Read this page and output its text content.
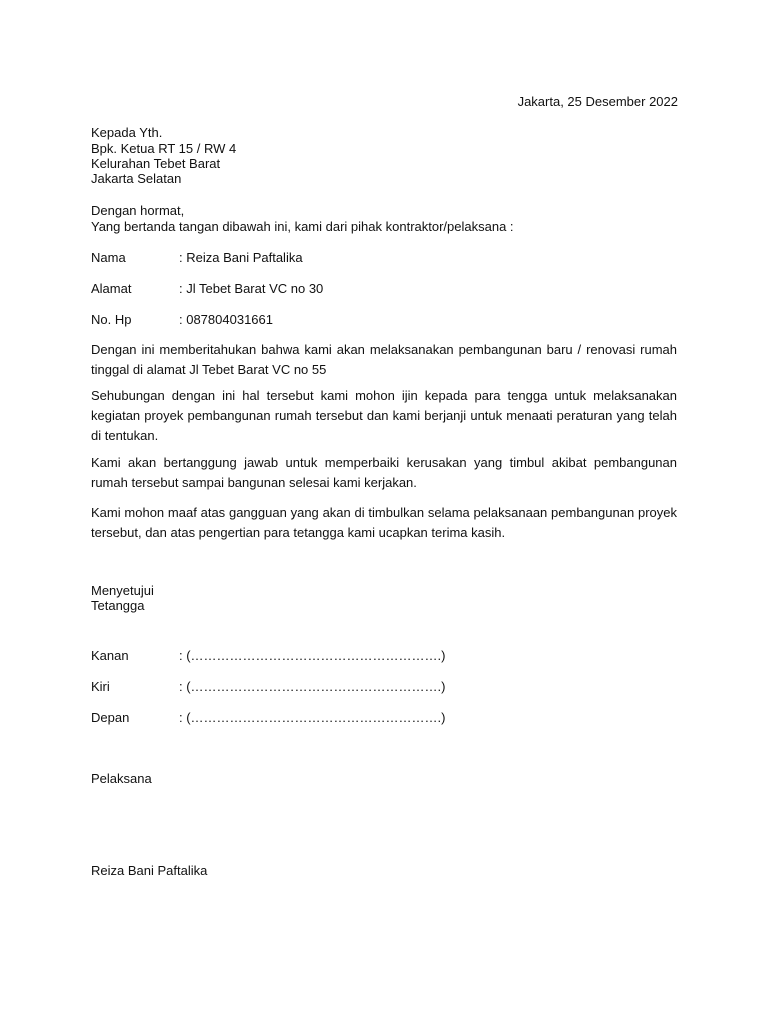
Jakarta, 25 Desember 2022
Kepada Yth.
Bpk. Ketua RT 15 / RW 4
Kelurahan Tebet Barat
Jakarta Selatan
Dengan hormat,
Yang bertanda tangan dibawah ini, kami dari pihak kontraktor/pelaksana :
Nama	: Reiza Bani Paftalika
Alamat	: Jl Tebet Barat VC no 30
No. Hp	: 087804031661
Dengan ini memberitahukan bahwa kami akan melaksanakan pembangunan baru / renovasi rumah tinggal di alamat Jl Tebet Barat VC no 55
Sehubungan dengan ini hal tersebut kami mohon ijin kepada para tengga untuk melaksanakan kegiatan proyek pembangunan rumah tersebut dan kami berjanji untuk menaati peraturan yang telah di tentukan.
Kami akan bertanggung jawab untuk memperbaiki kerusakan yang timbul akibat pembangunan rumah tersebut sampai bangunan selesai kami kerjakan.
Kami mohon maaf atas gangguan yang akan di timbulkan selama pelaksanaan pembangunan proyek tersebut, dan atas pengertian para tetangga kami ucapkan terima kasih.
Menyetujui
Tetangga
Kanan	: (………………………………………………….)
Kiri	: (………………………………………………….)
Depan	: (………………………………………………….)
Pelaksana
Reiza Bani Paftalika
